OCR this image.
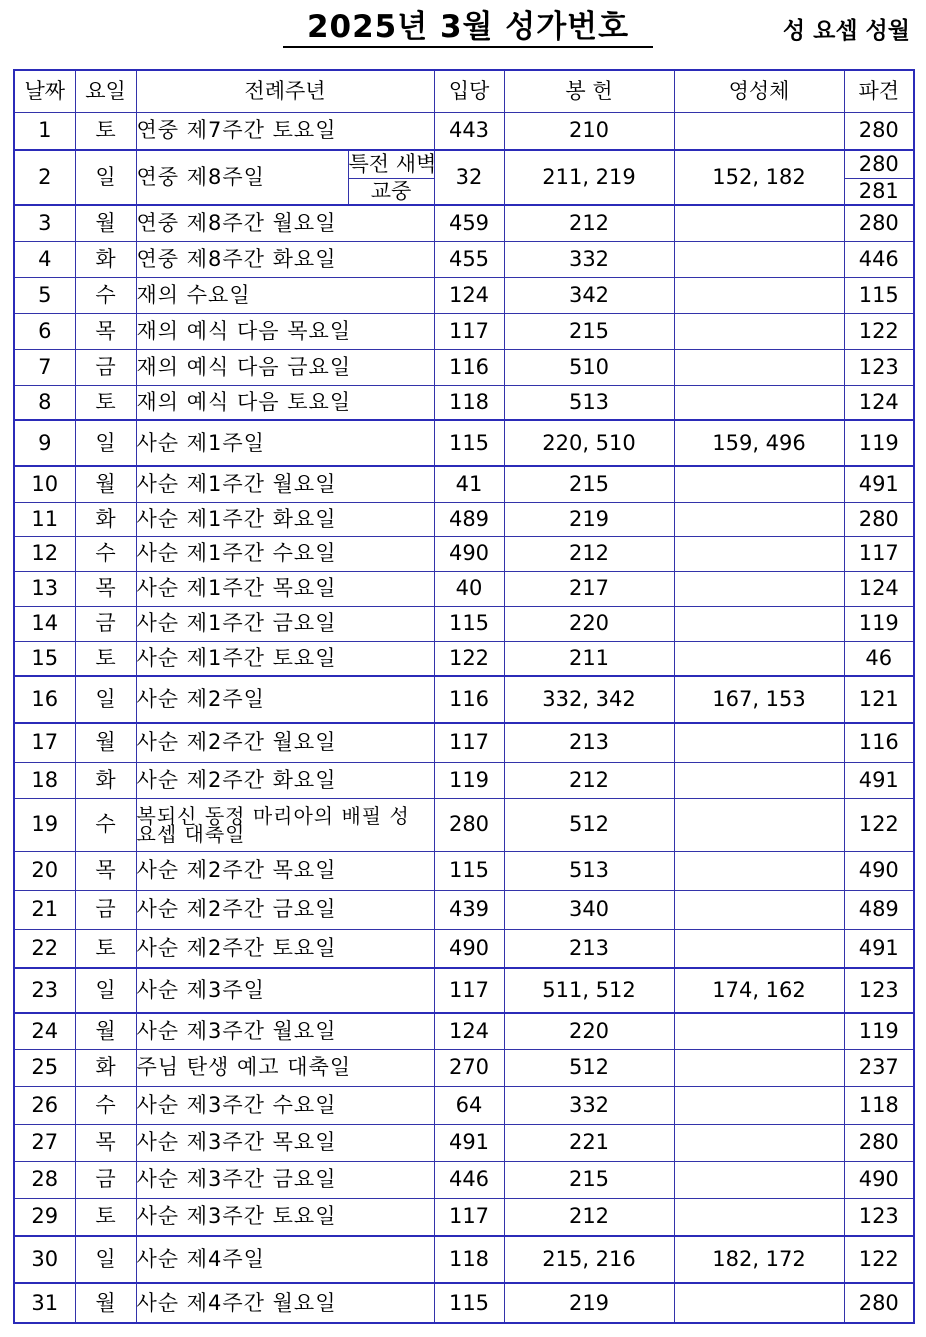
2025년 3월 성가번호	성 요셉 성월
날짜	요일	전례주년		입당	봉 헌	영성체	파견
1	토	연중 제7주간 토요일		443	210		280
2	일	연중 제8주일	특전 새벽	32	211, 219	152, 182	280
			교중				281
3	월	연중 제8주간 월요일		459	212		280
4	화	연중 제8주간 화요일		455	332		446
5	수	재의 수요일		124	342		115
6	목	재의 예식 다음 목요일		117	215		122
7	금	재의 예식 다음 금요일		116	510		123
8	토	재의 예식 다음 토요일		118	513		124
9	일	사순 제1주일		115	220, 510	159, 496	119
10	월	사순 제1주간 월요일		41	215		491
11	화	사순 제1주간 화요일		489	219		280
12	수	사순 제1주간 수요일		490	212		117
13	목	사순 제1주간 목요일		40	217		124
14	금	사순 제1주간 금요일		115	220		119
15	토	사순 제1주간 토요일		122	211		46
16	일	사순 제2주일		116	332, 342	167, 153	121
17	월	사순 제2주간 월요일		117	213		116
18	화	사순 제2주간 화요일		119	212		491
19	수	복되신 동정 마리아의 배필 성 요셉 대축일		280	512		122
20	목	사순 제2주간 목요일		115	513		490
21	금	사순 제2주간 금요일		439	340		489
22	토	사순 제2주간 토요일		490	213		491
23	일	사순 제3주일		117	511, 512	174, 162	123
24	월	사순 제3주간 월요일		124	220		119
25	화	주님 탄생 예고 대축일		270	512		237
26	수	사순 제3주간 수요일		64	332		118
27	목	사순 제3주간 목요일		491	221		280
28	금	사순 제3주간 금요일		446	215		490
29	토	사순 제3주간 토요일		117	212		123
30	일	사순 제4주일		118	215, 216	182, 172	122
31	월	사순 제4주간 월요일		115	219		280
